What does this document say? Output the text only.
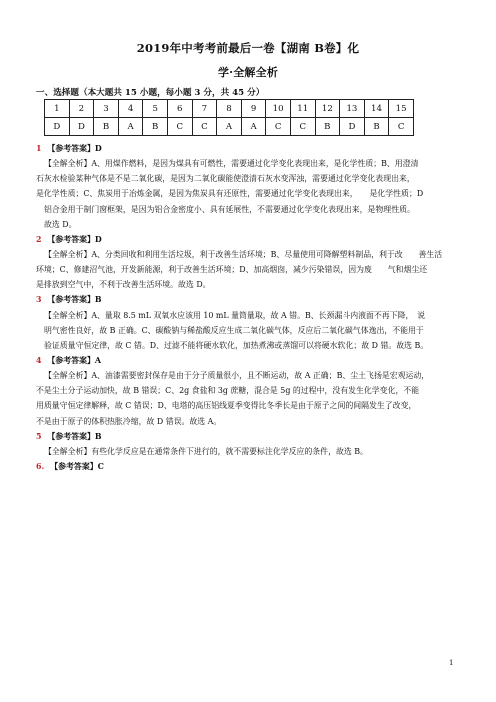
2019年中考考前最后一卷【湖南 B卷】化
学·全解全析
一、选择题（本大题共 15 小题，每小题 3 分，共 45 分）
1	2	3	4	5	6	7	8	9	10	11	12	13	14	15
D	D	B	A	B	C	C	A	A	C	C	B	D	B	C
1 【参考答案】D
【全解全析】A、用煤作燃料，是因为煤具有可燃性，需要通过化学变化表现出来，是化学性质；B、用澄清
石灰水检验某种气体是不是二氧化碳，是因为二氧化碳能使澄清石灰水变浑浊，需要通过化学变化表现出来，
是化学性质；C、焦炭用于冶炼金属，是因为焦炭具有还原性，需要通过化学变化表现出来，　　是化学性质；D
铝合金用于制门窗框架，是因为铝合金密度小、具有延展性，不需要通过化学变化表现出来，是物理性质。
故选 D。
2 【参考答案】D
【全解全析】A、分类回收和利用生活垃圾，利于改善生活环境；B、尽量使用可降解塑料制品，利于改　　善生活
环境；C、修建沼气池，开发新能源，利于改善生活环境；D、加高烟囱，减少污染错误，因为废　　气和烟尘还
是排放到空气中，不利于改善生活环境。故选 D。
3 【参考答案】B
【全解全析】A、量取 8.5 mL 双氧水应该用 10 mL 量筒量取，故 A 错。B、长颈漏斗内液面不再下降，　说
明气密性良好，故 B 正确。C、碳酸钠与稀盐酸反应生成二氧化碳气体，反应后二氧化碳气体逸出，不能用于
验证质量守恒定律，故 C 错。D、过滤不能将硬水软化，加热煮沸或蒸馏可以将硬水软化；故 D 错。故选 B。
4 【参考答案】A
【全解全析】A、油漆需要密封保存是由于分子质量很小，且不断运动，故 A 正确；B、尘土飞扬是宏观运动，
不是尘土分子运动加快，故 B 错误；C、2g 食盐和 3g 蔗糖，混合是 5g 的过程中，没有发生化学变化，不能
用质量守恒定律解释，故 C 错误；D、电塔的高压铝线夏季变得比冬季长是由于原子之间的间隔发生了改变，
不是由于原子的体积热胀冷缩，故 D 错误。故选 A。
5 【参考答案】B
【全解全析】有些化学反应是在通常条件下进行的，就不需要标注化学反应的条件，故选 B。
6. 【参考答案】C
1
